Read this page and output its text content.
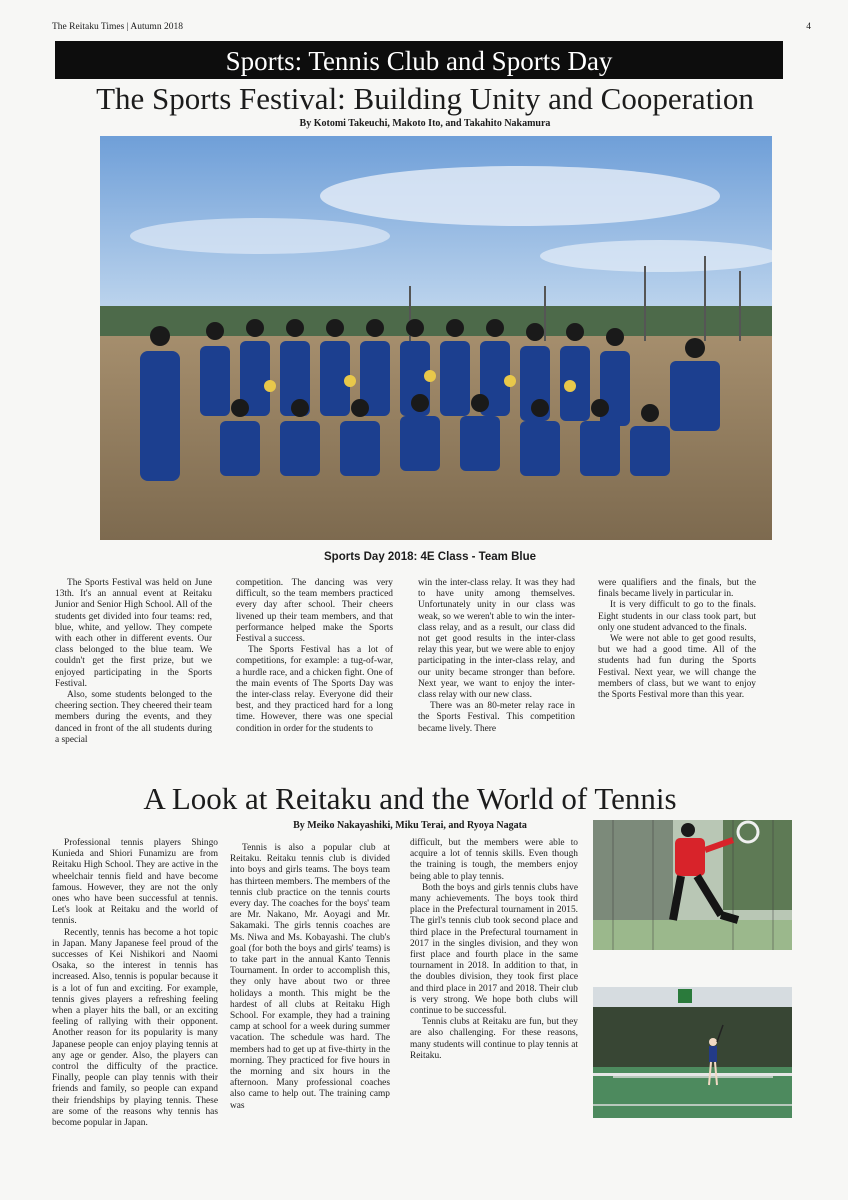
The Reitaku Times | Autumn 2018	4
Sports: Tennis Club and Sports Day
The Sports Festival: Building Unity and Cooperation
By Kotomi Takeuchi, Makoto Ito, and Takahito Nakamura
Sports Day 2018: 4E Class - Team Blue

The Sports Festival was held on June 13th. It's an annual event at Reitaku Junior and Senior High School. All of the students get divided into four teams: red, blue, white, and yellow. They compete with each other in different events. Our class belonged to the blue team. We couldn't get the first prize, but we enjoyed participating in the Sports Festival.

Also, some students belonged to the cheering section. They cheered their team members during the events, and they danced in front of the all students during a special

competition. The dancing was very difficult, so the team members practiced every day after school. Their cheers livened up their team members, and that performance helped make the Sports Festival a success.

The Sports Festival has a lot of competitions, for example: a tug-of-war, a hurdle race, and a chicken fight. One of the main events of The Sports Day was the inter-class relay. Everyone did their best, and they practiced hard for a long time. However, there was one special condition in order for the students to

win the inter-class relay. It was they had to have unity among themselves. Unfortunately unity in our class was weak, so we weren't able to win the inter-class relay, and as a result, our class did not get good results in the inter-class relay this year, but we were able to enjoy participating in the inter-class relay, and our unity became stronger than before. Next year, we want to enjoy the inter-class relay with our new class.

There was an 80-meter relay race in the Sports Festival. This competition became lively. There

were qualifiers and the finals, but the finals became lively in particular in.

It is very difficult to go to the finals. Eight students in our class took part, but only one student advanced to the finals.

We were not able to get good results, but we had a good time. All of the students had fun during the Sports Festival. Next year, we will change the members of class, but we want to enjoy the Sports Festival more than this year.

A Look at Reitaku and the World of Tennis
By Meiko Nakayashiki, Miku Terai, and Ryoya Nagata

Professional tennis players Shingo Kunieda and Shiori Funamizu are from Reitaku High School. They are active in the wheelchair tennis field and have become famous. However, they are not the only ones who have been successful at tennis. Let's look at Reitaku and the world of tennis.

Recently, tennis has become a hot topic in Japan. Many Japanese feel proud of the successes of Kei Nishikori and Naomi Osaka, so the interest in tennis has increased. Also, tennis is popular because it is a lot of fun and exciting. For example, tennis gives players a refreshing feeling when a player hits the ball, or an exciting feeling of rallying with their opponent. Another reason for its popularity is many Japanese people can enjoy playing tennis at any age or gender. Also, the players can control the difficulty of the practice. Finally, people can play tennis with their friends and family, so people can expand their friendships by playing tennis. These are some of the reasons why tennis has become popular in Japan.

Tennis is also a popular club at Reitaku. Reitaku tennis club is divided into boys and girls teams. The boys team has thirteen members. The members of the tennis club practice on the tennis courts every day. The coaches for the boys' team are Mr. Nakano, Mr. Aoyagi and Mr. Sakamaki. The girls tennis coaches are Ms. Niwa and Ms. Kobayashi. The club's goal (for both the boys and girls' teams) is to take part in the annual Kanto Tennis Tournament. In order to accomplish this, they only have about two or three holidays a month. This might be the hardest of all clubs at Reitaku High School. For example, they had a training camp at school for a week during summer vacation. The schedule was hard. The members had to get up at five-thirty in the morning. They practiced for five hours in the morning and six hours in the afternoon. Many professional coaches also came to help out. The training camp was

difficult, but the members were able to acquire a lot of tennis skills. Even though the training is tough, the members enjoy being able to play tennis.

Both the boys and girls tennis clubs have many achievements. The boys took third place in the Prefectural tournament in 2015. The girl's tennis club took second place and third place in the Prefectural tournament in 2017 in the singles division, and they won first place and fourth place in the same tournament in 2018. In addition to that, in the doubles division, they took first place and third place in 2017 and 2018. Their club is very strong. We hope both clubs will continue to be successful.

Tennis clubs at Reitaku are fun, but they are also challenging. For these reasons, many students will continue to play tennis at Reitaku.
